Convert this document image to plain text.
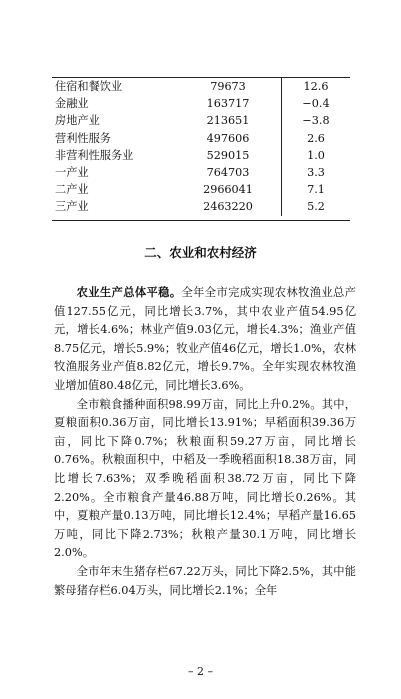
住宿和餐饮业	79673	12.6
金融业	163717	−0.4
房地产业	213651	−3.8
营利性服务	497606	2.6
非营利性服务业	529015	1.0
一产业	764703	3.3
二产业	2966041	7.1
三产业	2463220	5.2
二、农业和农村经济

农业生产总体平稳。全年全市完成实现农林牧渔业总产值127.55亿元，同比增长3.7%，其中农业产值54.95亿元，增长4.6%；林业产值9.03亿元，增长4.3%；渔业产值8.75亿元，增长5.9%；牧业产值46亿元，增长1.0%，农林牧渔服务业产值8.82亿元，增长9.7%。全年实现农林牧渔业增加值80.48亿元，同比增长3.6%。

全市粮食播种面积98.99万亩，同比上升0.2%。其中，夏粮面积0.36万亩，同比增长13.91%；早稻面积39.36万亩，同比下降0.7%；秋粮面积59.27万亩，同比增长0.76%。秋粮面积中，中稻及一季晚稻面积18.38万亩，同比增长7.63%；双季晚稻面积38.72万亩，同比下降2.20%。全市粮食产量46.88万吨，同比增长0.26%。其中，夏粮产量0.13万吨，同比增长12.4%；早稻产量16.65万吨，同比下降2.73%；秋粮产量30.1万吨，同比增长2.0%。

全市年末生猪存栏67.22万头，同比下降2.5%，其中能繁母猪存栏6.04万头，同比增长2.1%；全年

– 2 –
